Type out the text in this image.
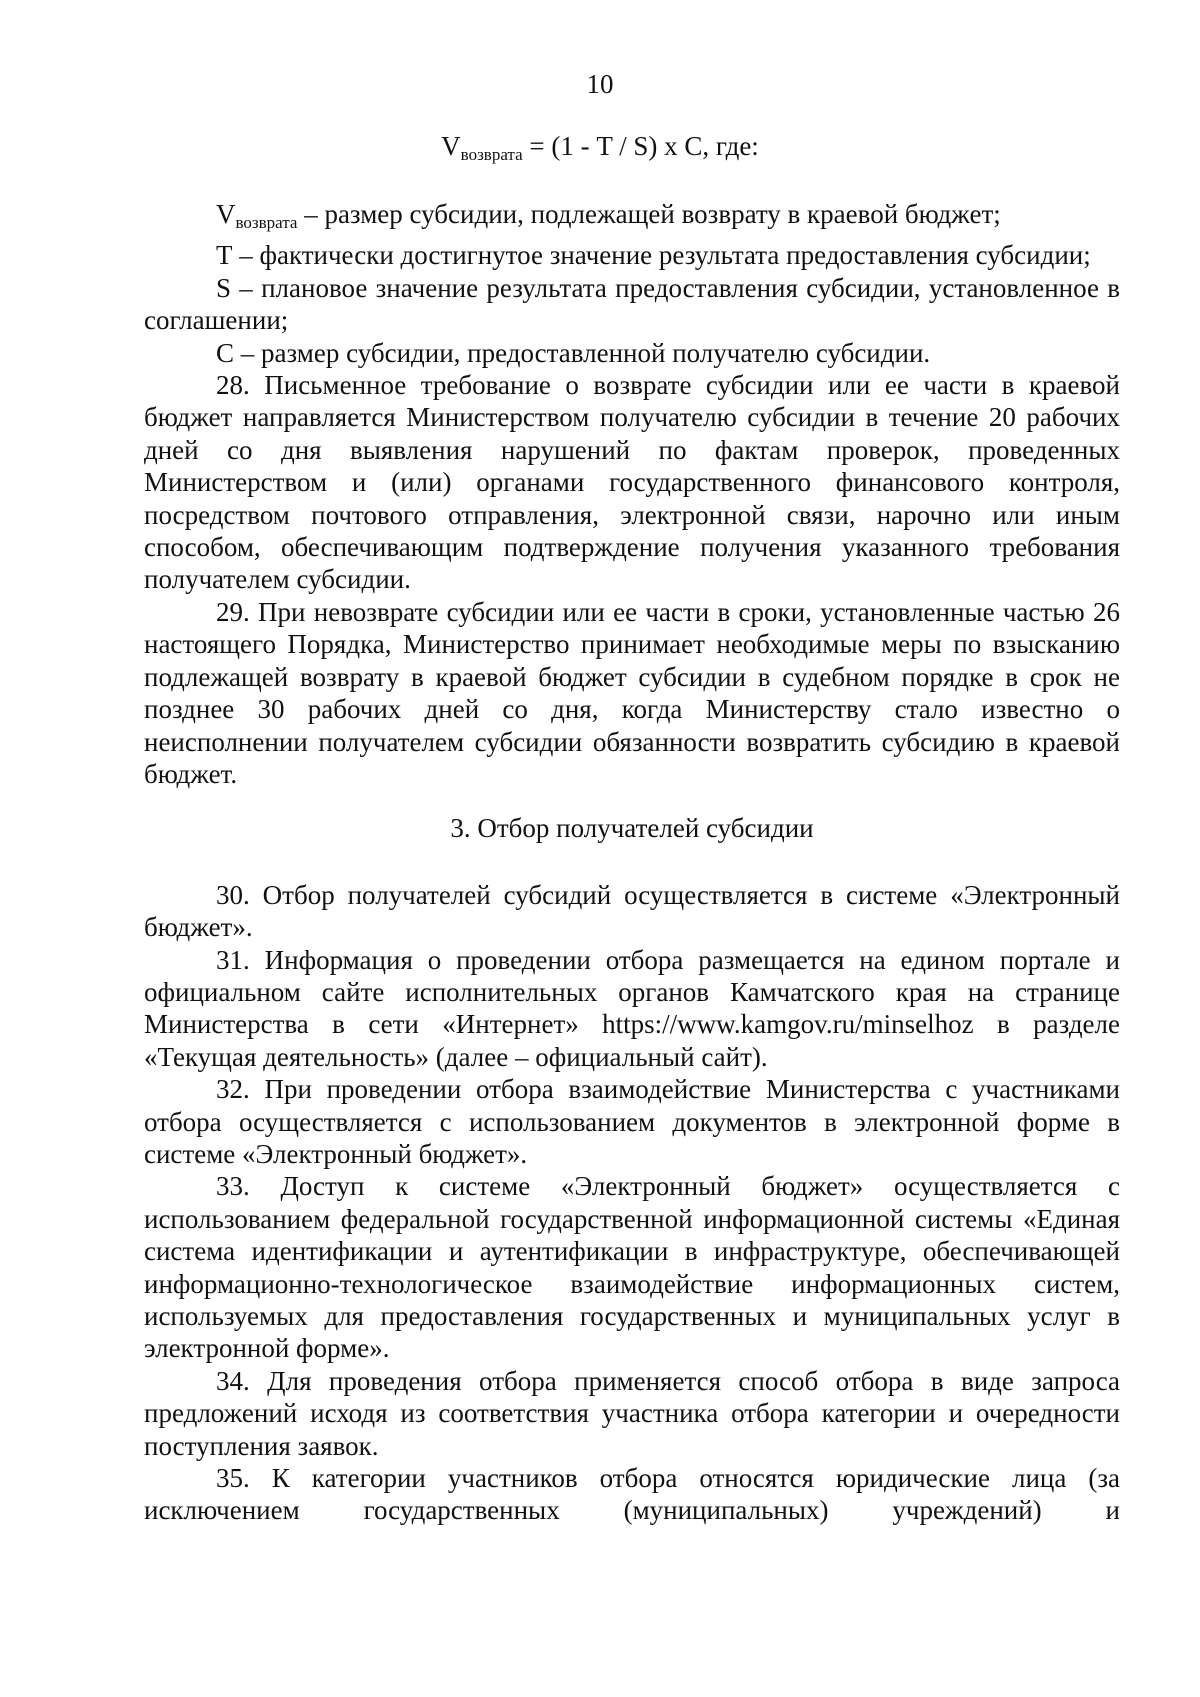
10
$V_{возврата} = (1 - T / S)$ x C, где:

$V_{возврата}$ – размер субсидии, подлежащей возврату в краевой бюджет;

Т – фактически достигнутое значение результата предоставления субсидии;

S – плановое значение результата предоставления субсидии, установленное в соглашении;

С – размер субсидии, предоставленной получателю субсидии.

28. Письменное требование о возврате субсидии или ее части в краевой бюджет направляется Министерством получателю субсидии в течение 20 рабочих дней со дня выявления нарушений по фактам проверок, проведенных Министерством и (или) органами государственного финансового контроля, посредством почтового отправления, электронной связи, нарочно или иным способом, обеспечивающим подтверждение получения указанного требования получателем субсидии.

29. При невозврате субсидии или ее части в сроки, установленные частью 26 настоящего Порядка, Министерство принимает необходимые меры по взысканию подлежащей возврату в краевой бюджет субсидии в судебном порядке в срок не позднее 30 рабочих дней со дня, когда Министерству стало известно о неисполнении получателем субсидии обязанности возвратить субсидию в краевой бюджет.

3. Отбор получателей субсидии

30. Отбор получателей субсидий осуществляется в системе «Электронный бюджет».

31. Информация о проведении отбора размещается на едином портале и официальном сайте исполнительных органов Камчатского края на странице Министерства в сети «Интернет» https://www.kamgov.ru/minselhoz в разделе «Текущая деятельность» (далее – официальный сайт).

32. При проведении отбора взаимодействие Министерства с участниками отбора осуществляется с использованием документов в электронной форме в системе «Электронный бюджет».

33. Доступ к системе «Электронный бюджет» осуществляется с использованием федеральной государственной информационной системы «Единая система идентификации и аутентификации в инфраструктуре, обеспечивающей информационно-технологическое взаимодействие информационных систем, используемых для предоставления государственных и муниципальных услуг в электронной форме».

34. Для проведения отбора применяется способ отбора в виде запроса предложений исходя из соответствия участника отбора категории и очередности поступления заявок.

35. К категории участников отбора относятся юридические лица (за исключением государственных (муниципальных) учреждений) и
